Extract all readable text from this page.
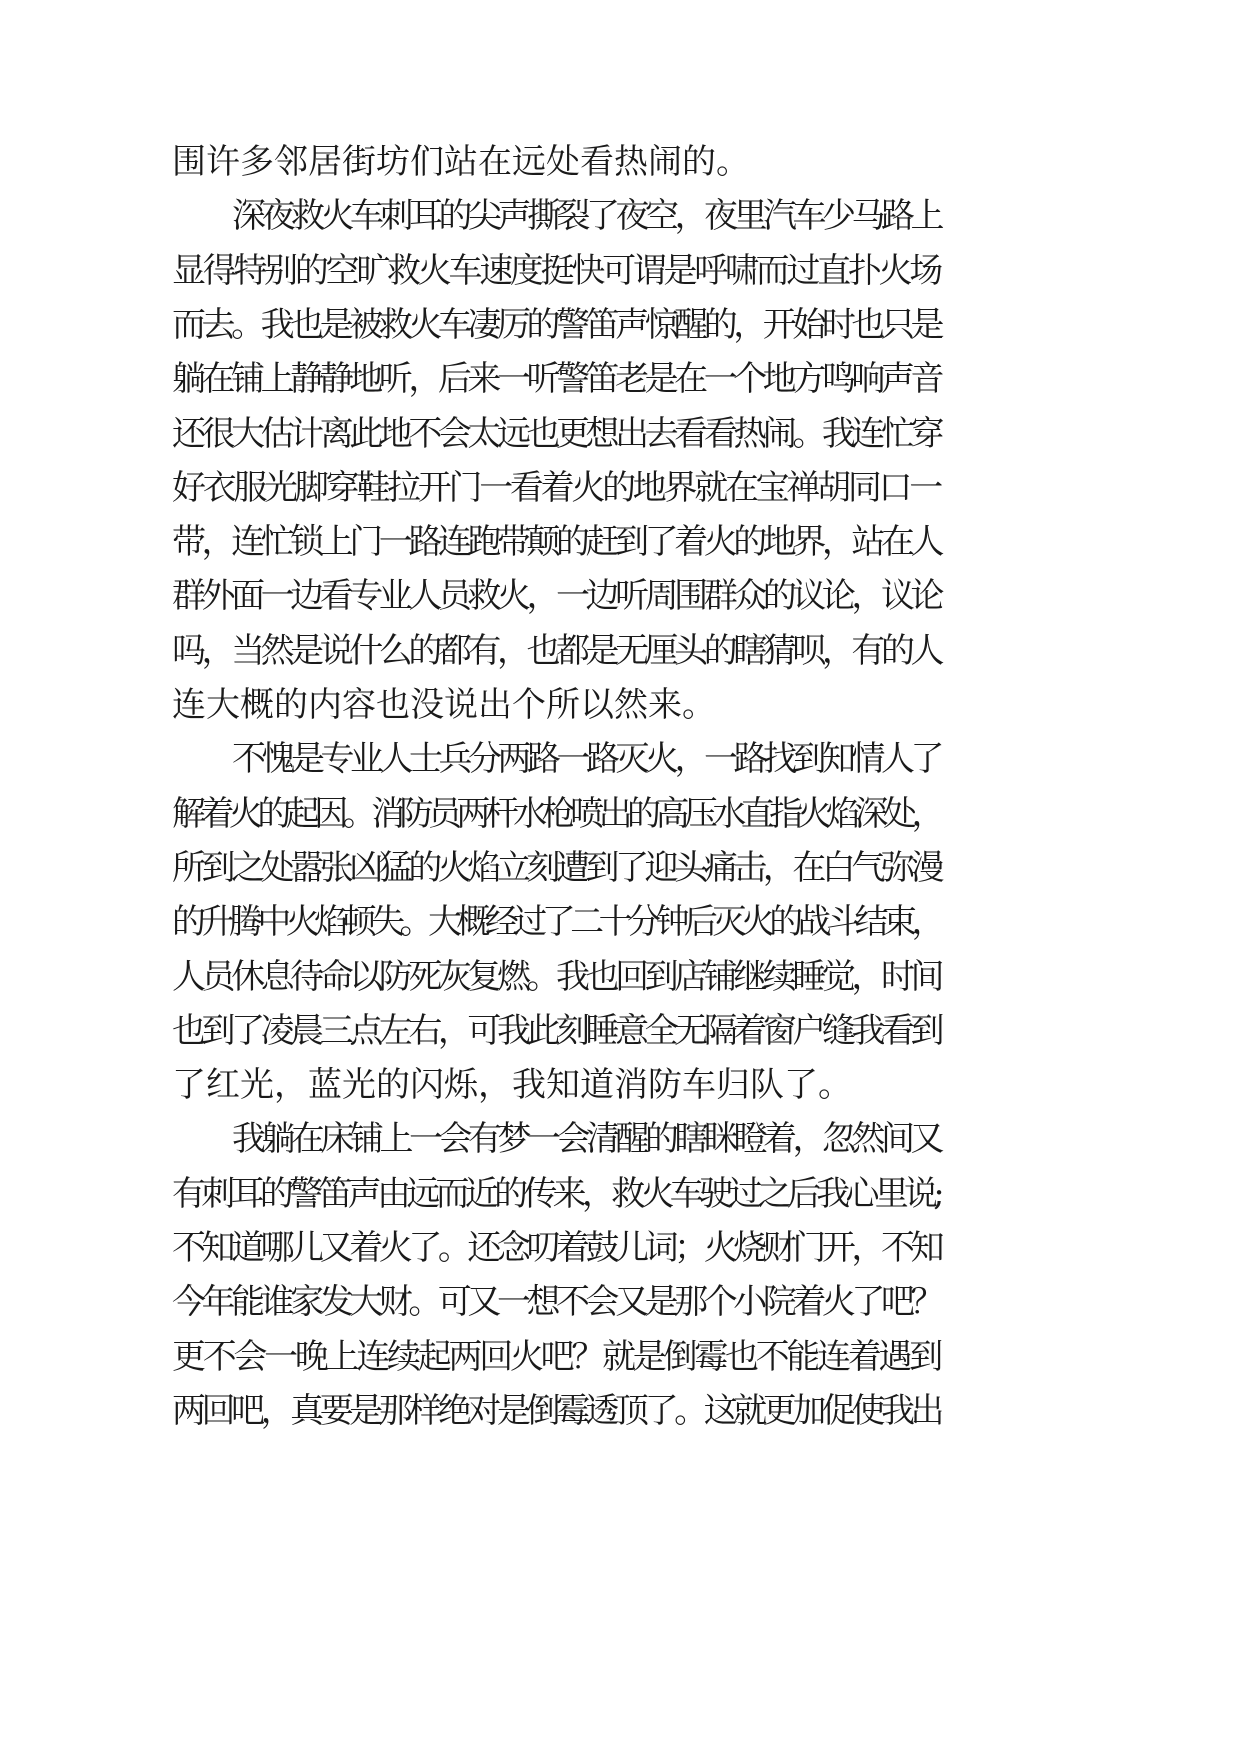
围许多邻居街坊们站在远处看热闹的。

深夜救火车刺耳的尖声撕裂了夜空，夜里汽车少马路上

显得特别的空旷救火车速度挺快可谓是呼啸而过直扑火场

而去。我也是被救火车凄厉的警笛声惊醒的，开始时也只是

躺在铺上静静地听，后来一听警笛老是在一个地方鸣响声音

还很大估计离此地不会太远也更想出去看看热闹。我连忙穿

好衣服光脚穿鞋拉开门一看着火的地界就在宝禅胡同口一

带，连忙锁上门一路连跑带颠的赶到了着火的地界，站在人

群外面一边看专业人员救火，一边听周围群众的议论，议论

吗，当然是说什么的都有，也都是无厘头的瞎猜呗，有的人

连大概的内容也没说出个所以然来。

不愧是专业人士兵分两路一路灭火，一路找到知情人了

解着火的起因。消防员两杆水枪喷出的高压水直指火焰深处，

所到之处嚣张凶猛的火焰立刻遭到了迎头痛击，在白气弥漫

的升腾中火焰顿失。大概经过了二十分钟后灭火的战斗结束，

人员休息待命以防死灰复燃。我也回到店铺继续睡觉，时间

也到了凌晨三点左右，可我此刻睡意全无隔着窗户缝我看到

了红光，蓝光的闪烁，我知道消防车归队了。

我躺在床铺上一会有梦一会清醒的瞎眯瞪着，忽然间又

有刺耳的警笛声由远而近的传来，救火车驶过之后我心里说;

不知道哪儿又着火了。还念叨着鼓儿词；火烧财门开，不知

今年能谁家发大财。可又一想不会又是那个小院着火了吧？

更不会一晚上连续起两回火吧？就是倒霉也不能连着遇到

两回吧，真要是那样绝对是倒霉透顶了。这就更加促使我出
